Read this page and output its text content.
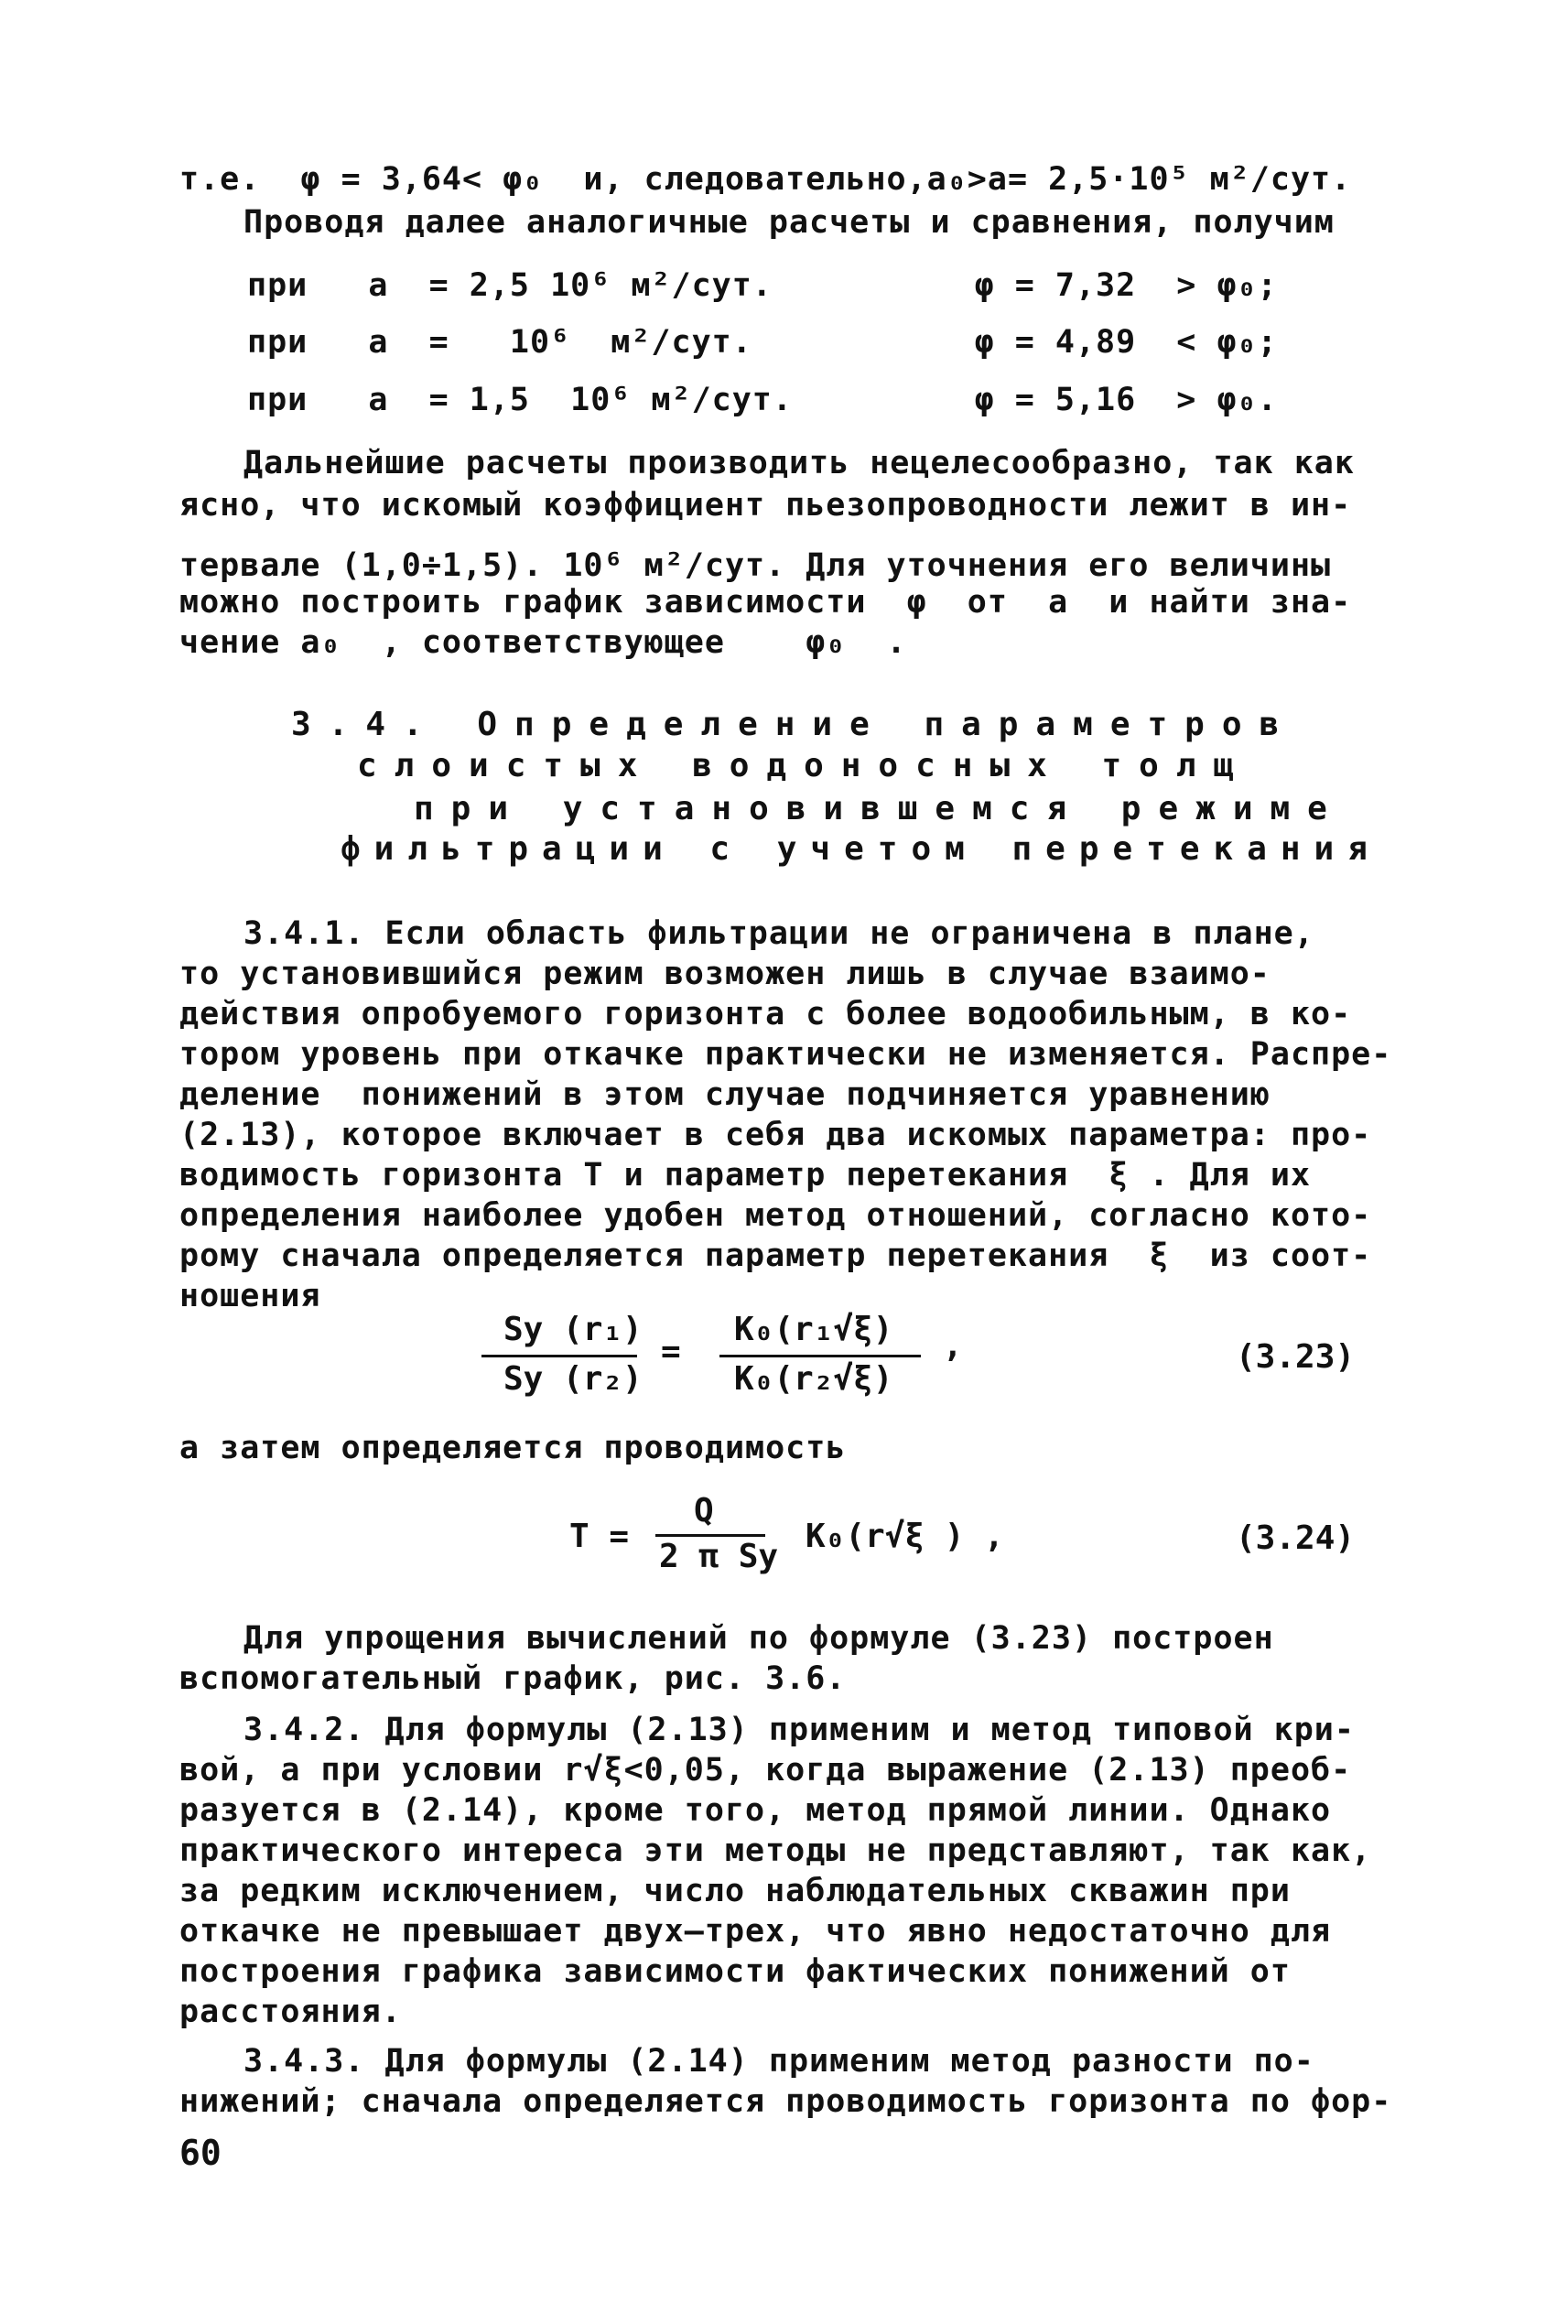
т.е.  φ = 3,64< φ₀  и, следовательно,a₀>a= 2,5·10⁵ м²/сут.
Проводя далее аналогичные расчеты и сравнения, получим
при   a  = 2,5 10⁶ м²/сут.          φ = 7,32  > φ₀;
при   a  =   10⁶  м²/сут.           φ = 4,89  < φ₀;
при   a  = 1,5  10⁶ м²/сут.         φ = 5,16  > φ₀.
Дальнейшие расчеты производить нецелесообразно, так как
ясно, что искомый коэффициент пьезопроводности лежит в ин-
тервале (1,0÷1,5). 10⁶ м²/сут. Для уточнения его величины
можно построить график зависимости  φ  от  a  и найти зна-
чение a₀  , соответствующее    φ₀  .
3.4. Определение параметров
слоистых водоносных толщ
при установившемся режиме
фильтрации с учетом перетекания
3.4.1. Если область фильтрации не ограничена в плане,
то установившийся режим возможен лишь в случае взаимо-
действия опробуемого горизонта с более водообильным, в ко-
тором уровень при откачке практически не изменяется. Распре-
деление  понижений в этом случае подчиняется уравнению
(2.13), которое включает в себя два искомых параметра: про-
водимость горизонта T и параметр перетекания  ξ . Для их
определения наиболее удобен метод отношений, согласно кото-
рому сначала определяется параметр перетекания  ξ  из соот-
ношения
Sy (r₁)
Sy (r₂)
=
K₀(r₁√ξ)
K₀(r₂√ξ)
,	(3.23)
а затем определяется проводимость
T =
Q
2 π Sy
K₀(r√ξ ) ,	(3.24)
Для упрощения вычислений по формуле (3.23) построен
вспомогательный график, рис. 3.6.
3.4.2. Для формулы (2.13) применим и метод типовой кри-
вой, а при условии r√ξ<0,05, когда выражение (2.13) преоб-
разуется в (2.14), кроме того, метод прямой линии. Однако
практического интереса эти методы не представляют, так как,
за редким исключением, число наблюдательных скважин при
откачке не превышает двух–трех, что явно недостаточно для
построения графика зависимости фактических понижений от
расстояния.
3.4.3. Для формулы (2.14) применим метод разности по-
нижений; сначала определяется проводимость горизонта по фор-
60
